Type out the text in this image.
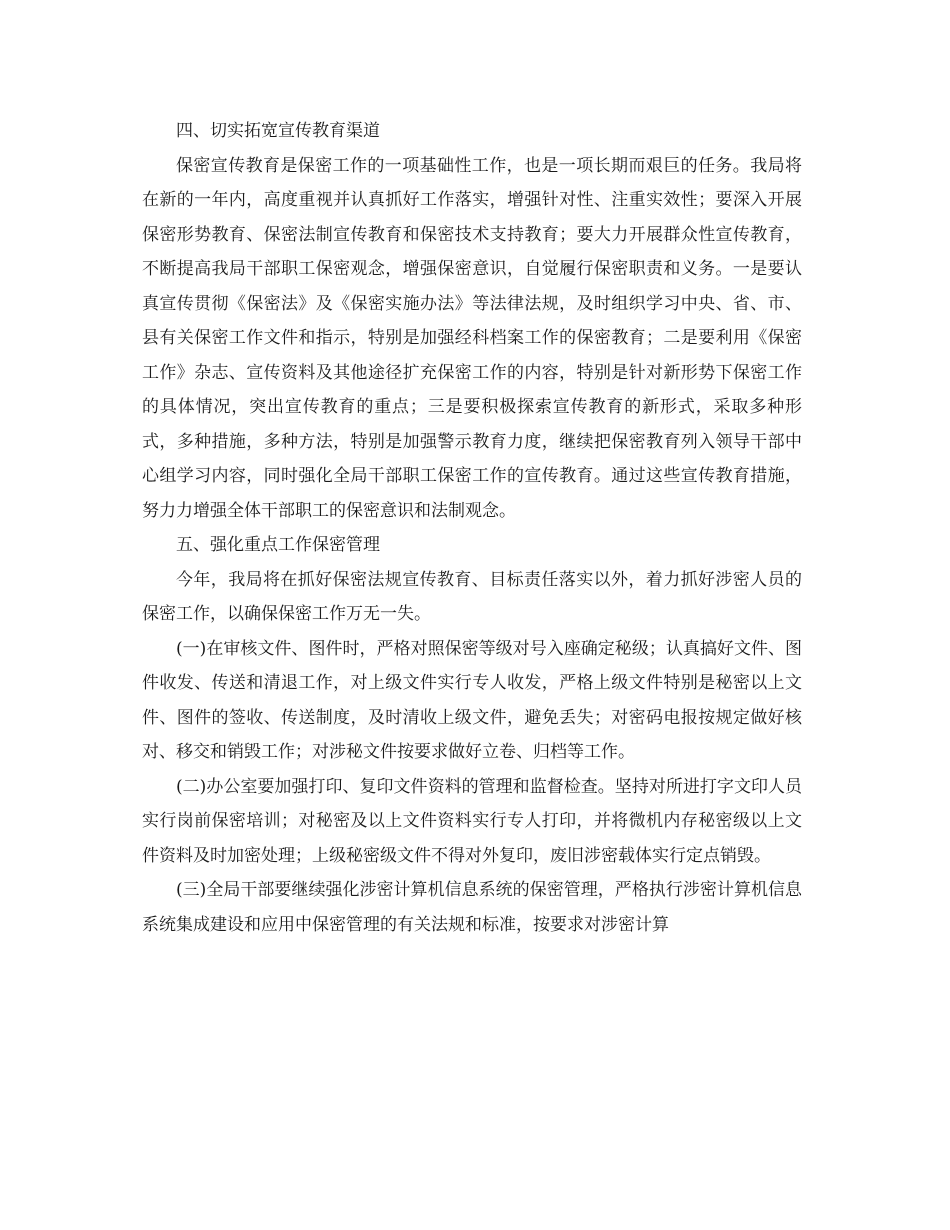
四、切实拓宽宣传教育渠道

保密宣传教育是保密工作的一项基础性工作，也是一项长期而艰巨的任务。我局将在新的一年内，高度重视并认真抓好工作落实，增强针对性、注重实效性；要深入开展保密形势教育、保密法制宣传教育和保密技术支持教育；要大力开展群众性宣传教育，不断提高我局干部职工保密观念，增强保密意识，自觉履行保密职责和义务。一是要认真宣传贯彻《保密法》及《保密实施办法》等法律法规，及时组织学习中央、省、市、县有关保密工作文件和指示，特别是加强经科档案工作的保密教育；二是要利用《保密工作》杂志、宣传资料及其他途径扩充保密工作的内容，特别是针对新形势下保密工作的具体情况，突出宣传教育的重点；三是要积极探索宣传教育的新形式，采取多种形式，多种措施，多种方法，特别是加强警示教育力度，继续把保密教育列入领导干部中心组学习内容，同时强化全局干部职工保密工作的宣传教育。通过这些宣传教育措施，努力力增强全体干部职工的保密意识和法制观念。

五、强化重点工作保密管理

今年，我局将在抓好保密法规宣传教育、目标责任落实以外，着力抓好涉密人员的保密工作，以确保保密工作万无一失。

(一)在审核文件、图件时，严格对照保密等级对号入座确定秘级；认真搞好文件、图件收发、传送和清退工作，对上级文件实行专人收发，严格上级文件特别是秘密以上文件、图件的签收、传送制度，及时清收上级文件，避免丢失；对密码电报按规定做好核对、移交和销毁工作；对涉秘文件按要求做好立卷、归档等工作。

(二)办公室要加强打印、复印文件资料的管理和监督检查。坚持对所进打字文印人员实行岗前保密培训；对秘密及以上文件资料实行专人打印，并将微机内存秘密级以上文件资料及时加密处理；上级秘密级文件不得对外复印，废旧涉密载体实行定点销毁。

(三)全局干部要继续强化涉密计算机信息系统的保密管理，严格执行涉密计算机信息系统集成建设和应用中保密管理的有关法规和标准，按要求对涉密计算
